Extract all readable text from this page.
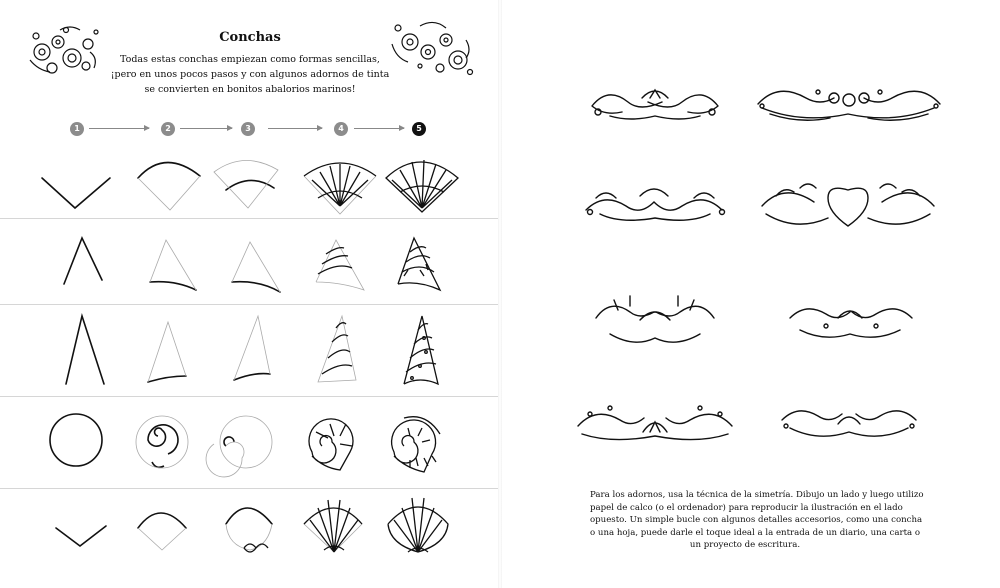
Conchas
Todas estas conchas empiezan como formas sencillas,
¡pero en unos pocos pasos y con algunos adornos de tinta
se convierten en bonitos abalorios marinos!
1	2	3	4	5
Para los adornos, usa la técnica de la simetría. Dibujo un lado y luego utilizo
papel de calco (o el ordenador) para reproducir la ilustración en el lado
opuesto. Un simple bucle con algunos detalles accesorios, como una concha
o una hoja, puede darle el toque ideal a la entrada de un diario, una carta o
un proyecto de escritura.
